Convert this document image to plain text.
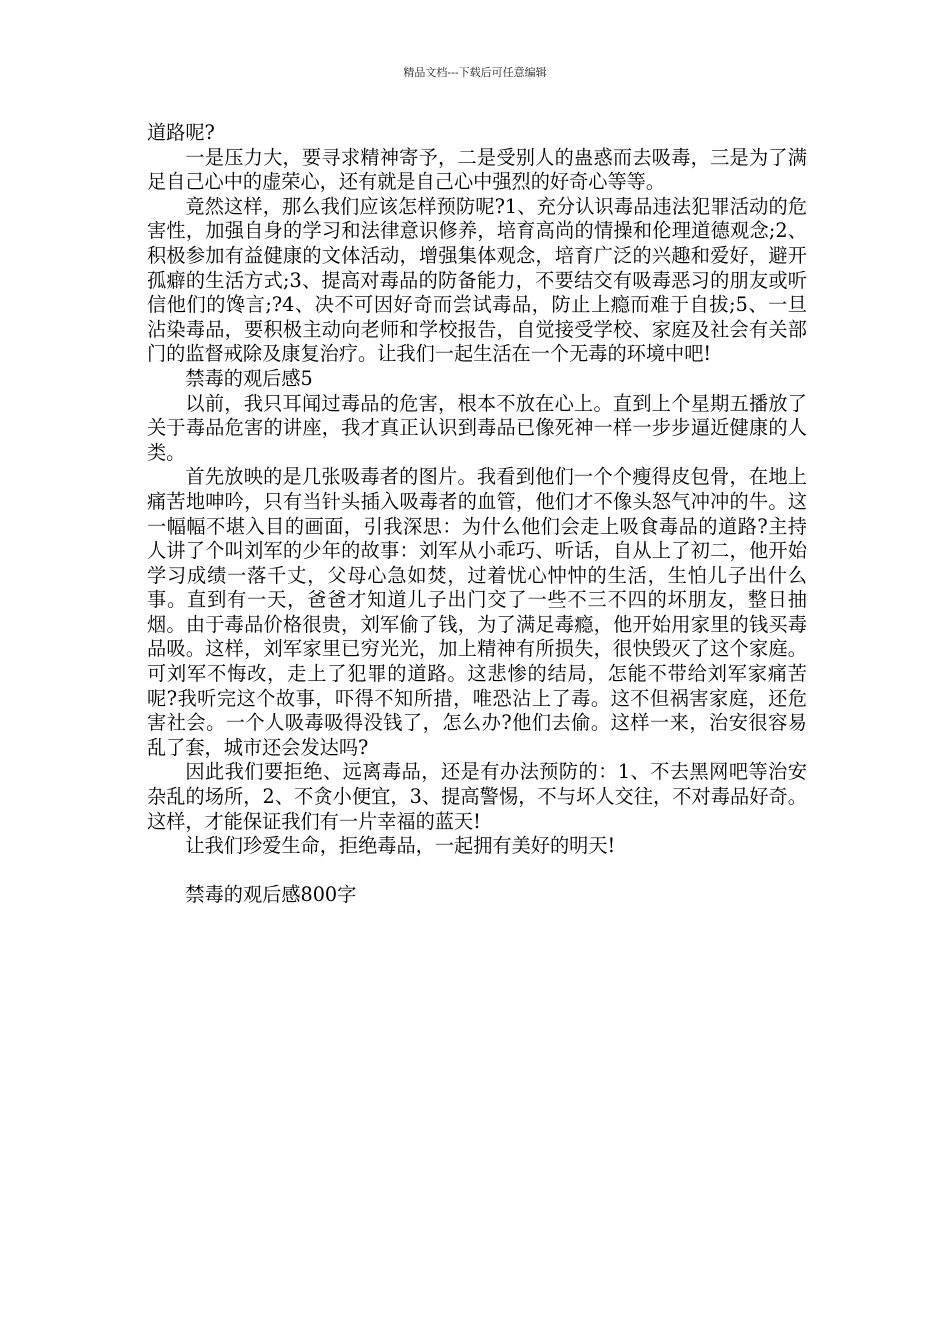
精品文档---下载后可任意编辑

道路呢?

一是压力大，要寻求精神寄予，二是受别人的蛊惑而去吸毒，三是为了满足自己心中的虚荣心，还有就是自己心中强烈的好奇心等等。

竟然这样，那么我们应该怎样预防呢?1、充分认识毒品违法犯罪活动的危害性，加强自身的学习和法律意识修养，培育高尚的情操和伦理道德观念;2、积极参加有益健康的文体活动，增强集体观念，培育广泛的兴趣和爱好，避开孤癖的生活方式;3、提高对毒品的防备能力，不要结交有吸毒恶习的朋友或听信他们的馋言;?4、决不可因好奇而尝试毒品，防止上瘾而难于自拔;5、一旦沾染毒品，要积极主动向老师和学校报告，自觉接受学校、家庭及社会有关部门的监督戒除及康复治疗。让我们一起生活在一个无毒的环境中吧!

禁毒的观后感5

以前，我只耳闻过毒品的危害，根本不放在心上。直到上个星期五播放了关于毒品危害的讲座，我才真正认识到毒品已像死神一样一步步逼近健康的人类。

首先放映的是几张吸毒者的图片。我看到他们一个个瘦得皮包骨，在地上痛苦地呻吟，只有当针头插入吸毒者的血管，他们才不像头怒气冲冲的牛。这一幅幅不堪入目的画面，引我深思：为什么他们会走上吸食毒品的道路?主持人讲了个叫刘军的少年的故事：刘军从小乖巧、听话，自从上了初二，他开始学习成绩一落千丈，父母心急如焚，过着忧心忡忡的生活，生怕儿子出什么事。直到有一天，爸爸才知道儿子出门交了一些不三不四的坏朋友，整日抽烟。由于毒品价格很贵，刘军偷了钱，为了满足毒瘾，他开始用家里的钱买毒品吸。这样，刘军家里已穷光光，加上精神有所损失，很快毁灭了这个家庭。可刘军不悔改，走上了犯罪的道路。这悲惨的结局，怎能不带给刘军家痛苦呢?我听完这个故事，吓得不知所措，唯恐沾上了毒。这不但祸害家庭，还危害社会。一个人吸毒吸得没钱了，怎么办?他们去偷。这样一来，治安很容易乱了套，城市还会发达吗?

因此我们要拒绝、远离毒品，还是有办法预防的：1、不去黑网吧等治安杂乱的场所，2、不贪小便宜，3、提高警惕，不与坏人交往，不对毒品好奇。这样，才能保证我们有一片幸福的蓝天!

让我们珍爱生命，拒绝毒品，一起拥有美好的明天!

禁毒的观后感800字
